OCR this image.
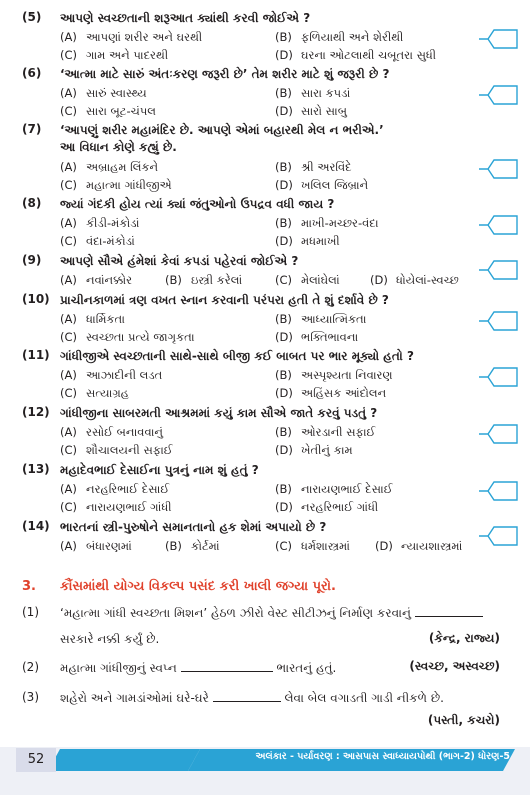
(5) આપણે સ્વચ્છતાની શરૂઆત ક્યાંથી કરવી જોઈએ ?
(A) આપણાં શરીર અને ઘરથી	(B) ફળિયાથી અને શેરીથી
(C) ગામ અને પાદરથી	(D) ઘરના ઓટલાથી ચબૂતરા સુધી
(6) ‘આત્મા માટે સારું અંતઃકરણ જરૂરી છે’ તેમ શરીર માટે શું જરૂરી છે ?
(A) સારું સ્વાસ્થ્ય	(B) સારા કપડાં
(C) સારા બૂટ-ચંપલ	(D) સારો સાબુ
(7) ‘આપણું શરીર મહામંદિર છે. આપણે એમાં બહારથી મેલ ન ભરીએ.’
આ વિધાન કોણે કહ્યું છે.
(A) અબ્રાહમ લિંકને	(B) શ્રી અરવિંદે
(C) મહાત્મા ગાંધીજીએ	(D) ખલિલ જિબ્રાને
(8) જ્યાં ગંદકી હોય ત્યાં ક્યાં જંતુઓનો ઉપદ્રવ વધી જાય ?
(A) કીડી-મંકોડાં	(B) માખી-મચ્છર-વંદા
(C) વંદા-મંકોડાં	(D) મધમાખી
(9) આપણે સૌએ હંમેશાં કેવાં કપડાં પહેરવાં જોઈએ ?
(A) નવાંનક્કોર	(B) ઇસ્ત્રી કરેલાં	(C) મેલાંઘેલાં	(D) ધોયેલાં-સ્વચ્છ
(10) પ્રાચીનકાળમાં ત્રણ વખત સ્નાન કરવાની પરંપરા હતી તે શું દર્શાવે છે ?
(A) ધાર્મિકતા	(B) આધ્યાત્મિકતા
(C) સ્વચ્છતા પ્રત્યે જાગૃકતા	(D) ભક્તિભાવના
(11) ગાંધીજીએ સ્વચ્છતાની સાથે-સાથે બીજી કઈ બાબત પર ભાર મૂક્યો હતો ?
(A) આઝાદીની લડત	(B) અસ્પૃશ્યતા નિવારણ
(C) સત્યાગ્રહ	(D) અહિંસક આંદોલન
(12) ગાંધીજીના સાબરમતી આશ્રમમાં કયું કામ સૌએ જાતે કરવું પડતું ?
(A) રસોઈ બનાવવાનું	(B) ઓરડાની સફાઈ
(C) શૌચાલયની સફાઈ	(D) ખેતીનું કામ
(13) મહાદેવભાઈ દેસાઈના પુત્રનું નામ શું હતું ?
(A) નરહરિભાઈ દેસાઈ	(B) નારાયણભાઈ દેસાઈ
(C) નારાયણભાઈ ગાંધી	(D) નરહરિભાઈ ગાંધી
(14) ભારતનાં સ્ત્રી-પુરુષોને સમાનતાનો હક શેમાં અપાયો છે ?
(A) બંધારણમાં	(B) કોર્ટમાં	(C) ધર્મશાસ્ત્રમાં (D) ન્યાયશાસ્ત્રમાં
3. કૌંસમાંથી યોગ્ય વિકલ્પ પસંદ કરી ખાલી જગ્યા પૂરો.
(1) ‘મહાત્મા ગાંધી સ્વચ્છતા મિશન’ હેઠળ ઝીરો વેસ્ટ સીટીઝનું નિર્માણ કરવાનું
સરકારે નક્કી કર્યું છે.	(કેન્દ્ર, રાજ્ય)
(2) મહાત્મા ગાંધીજીનું સ્વપ્ન	ભારતનું હતું.	(સ્વચ્છ, અસ્વચ્છ)
(3) શહેરો અને ગામડાંઓમાં ઘરે-ઘરે	લેવા બેલ વગાડતી ગાડી નીકળે છે.
(પસ્તી, કચરો)
52	અલંકાર - પર્યાવરણ : આસપાસ સ્વાધ્યાયપોથી (ભાગ-2) ધોરણ-5
